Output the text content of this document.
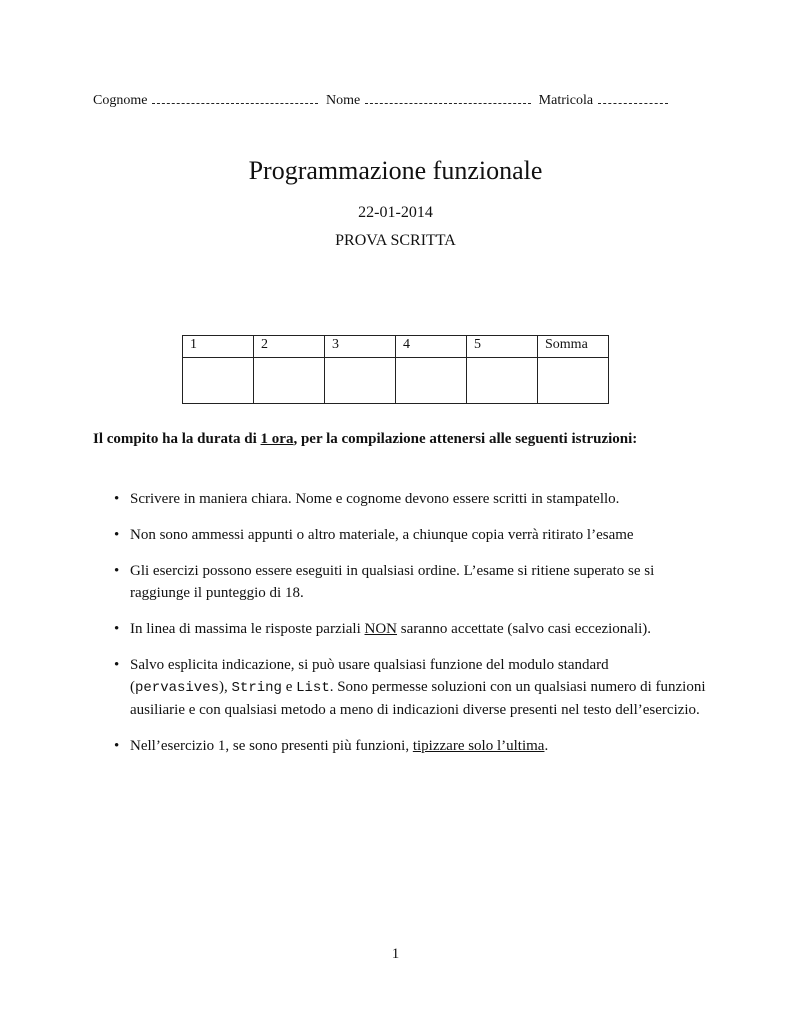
Cognome	Nome	Matricola
Programmazione funzionale
22-01-2014
PROVA SCRITTA
1	2	3	4	5	Somma

Il compito ha la durata di 1 ora, per la compilazione attenersi alle seguenti istruzioni:
• Scrivere in maniera chiara. Nome e cognome devono essere scritti in stampatello.
• Non sono ammessi appunti o altro materiale, a chiunque copia verrà ritirato l’esame
• Gli esercizi possono essere eseguiti in qualsiasi ordine. L’esame si ritiene superato se si raggiunge il punteggio di 18.
• In linea di massima le risposte parziali NON saranno accettate (salvo casi eccezionali).
• Salvo esplicita indicazione, si può usare qualsiasi funzione del modulo standard (pervasives), String e List. Sono permesse soluzioni con un qualsiasi numero di funzioni ausiliarie e con qualsiasi metodo a meno di indicazioni diverse presenti nel testo dell’esercizio.
• Nell’esercizio 1, se sono presenti più funzioni, tipizzare solo l’ultima.
1
